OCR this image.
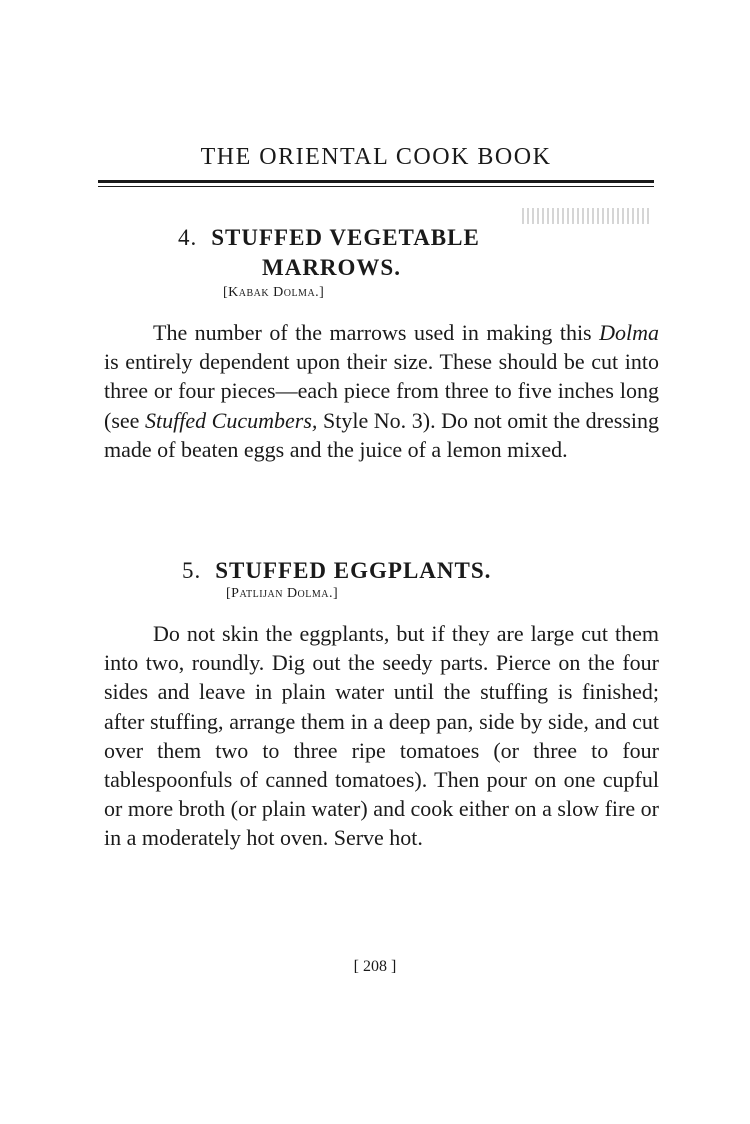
THE ORIENTAL COOK BOOK
4. STUFFED VEGETABLE
MARROWS.
[Kabak Dolma.]

The number of the marrows used in making this Dolma is entirely dependent upon their size. These should be cut into three or four pieces—each piece from three to five inches long (see Stuffed Cucumbers, Style No. 3). Do not omit the dressing made of beaten eggs and the juice of a lemon mixed.

5. STUFFED EGGPLANTS.
[Patlijan Dolma.]

Do not skin the eggplants, but if they are large cut them into two, roundly. Dig out the seedy parts. Pierce on the four sides and leave in plain water until the stuffing is finished; after stuffing, arrange them in a deep pan, side by side, and cut over them two to three ripe tomatoes (or three to four tablespoonfuls of canned tomatoes). Then pour on one cupful or more broth (or plain water) and cook either on a slow fire or in a moderately hot oven. Serve hot.

[ 208 ]
